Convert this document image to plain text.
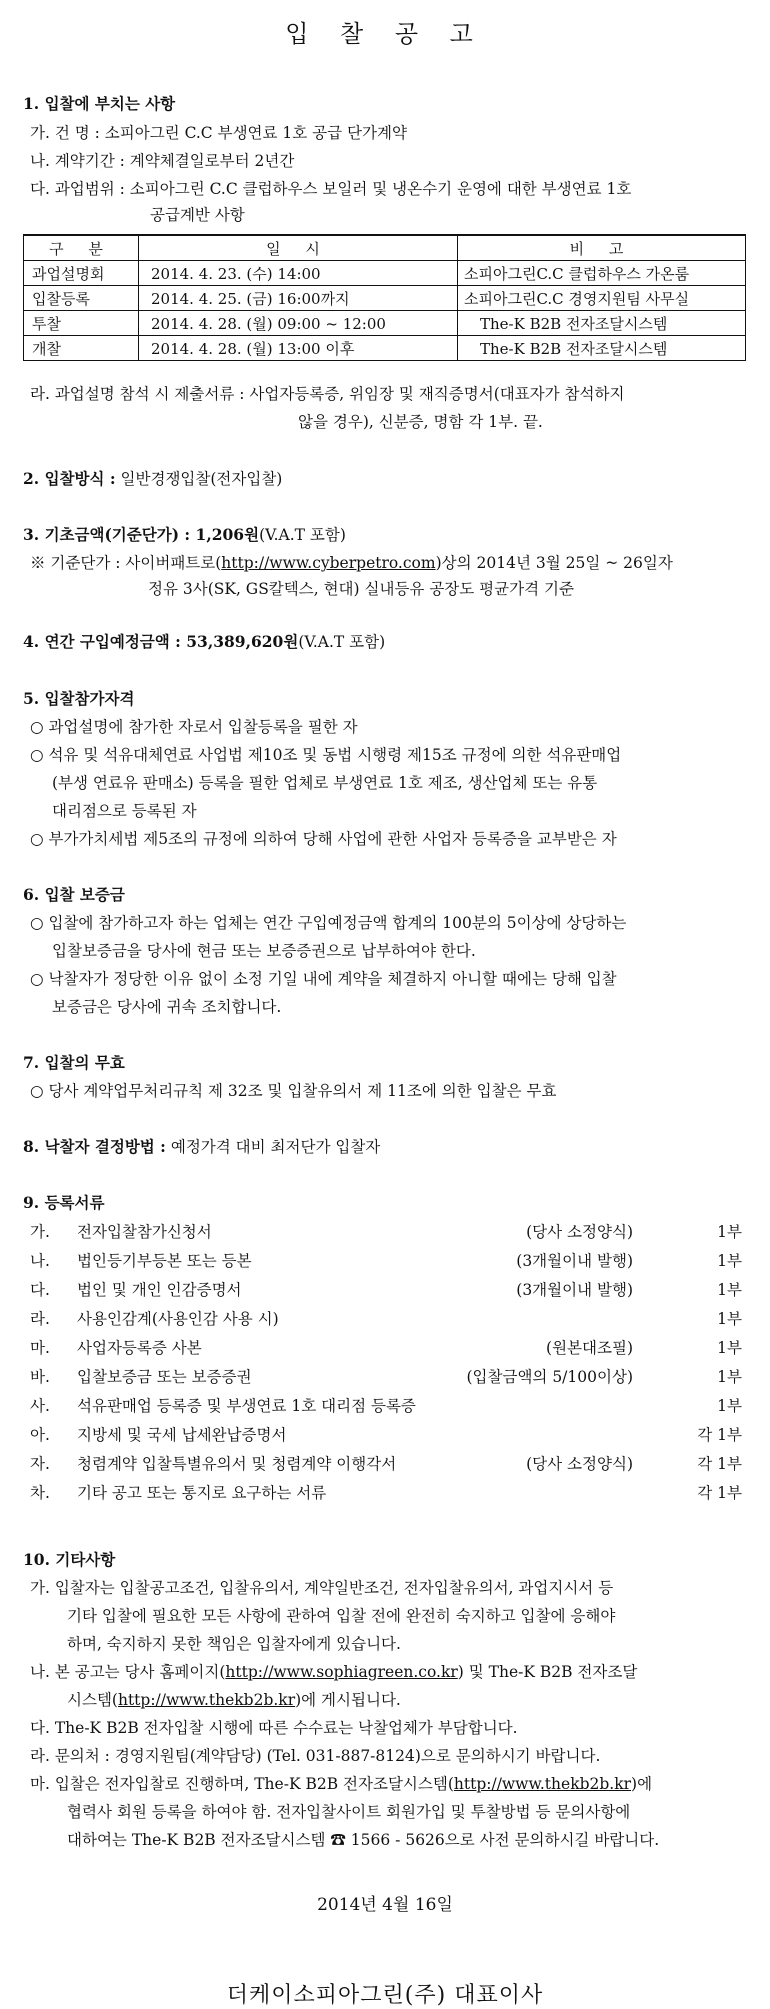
입 찰 공 고
1. 입찰에 부치는 사항
가. 건 명 : 소피아그린 C.C 부생연료 1호 공급 단가계약
나. 계약기간 : 계약체결일로부터 2년간
다. 과업범위 : 소피아그린 C.C 클럽하우스 보일러 및 냉온수기 운영에 대한 부생연료 1호
공급계반 사항
구 분	일 시	비 고
과업설명회	2014. 4. 23. (수) 14:00	소피아그린C.C 클럽하우스 가온룸
입찰등록	2014. 4. 25. (금) 16:00까지	소피아그린C.C 경영지원팀 사무실
투찰	2014. 4. 28. (월) 09:00 ~ 12:00	The-K B2B 전자조달시스템
개찰	2014. 4. 28. (월) 13:00 이후	The-K B2B 전자조달시스템
라. 과업설명 참석 시 제출서류 : 사업자등록증, 위임장 및 재직증명서(대표자가 참석하지
않을 경우), 신분증, 명함 각 1부. 끝.
2. 입찰방식 : 일반경쟁입찰(전자입찰)
3. 기초금액(기준단가) : 1,206원(V.A.T 포함)
※ 기준단가 : 사이버패트로(http://www.cyberpetro.com)상의 2014년 3월 25일 ~ 26일자
정유 3사(SK, GS칼텍스, 현대) 실내등유 공장도 평균가격 기준
4. 연간 구입예정금액 : 53,389,620원(V.A.T 포함)
5. 입찰참가자격
○ 과업설명에 참가한 자로서 입찰등록을 필한 자
○ 석유 및 석유대체연료 사업법 제10조 및 동법 시행령 제15조 규정에 의한 석유판매업
(부생 연료유 판매소) 등록을 필한 업체로 부생연료 1호 제조, 생산업체 또는 유통
대리점으로 등록된 자
○ 부가가치세법 제5조의 규정에 의하여 당해 사업에 관한 사업자 등록증을 교부받은 자
6. 입찰 보증금
○ 입찰에 참가하고자 하는 업체는 연간 구입예정금액 합계의 100분의 5이상에 상당하는
입찰보증금을 당사에 현금 또는 보증증권으로 납부하여야 한다.
○ 낙찰자가 정당한 이유 없이 소정 기일 내에 계약을 체결하지 아니할 때에는 당해 입찰
보증금은 당사에 귀속 조치합니다.
7. 입찰의 무효
○ 당사 계약업무처리규칙 제 32조 및 입찰유의서 제 11조에 의한 입찰은 무효
8. 낙찰자 결정방법 : 예정가격 대비 최저단가 입찰자
9. 등록서류
가. 전자입찰참가신청서	(당사 소정양식)	1부
나. 법인등기부등본 또는 등본	(3개월이내 발행)	1부
다. 법인 및 개인 인감증명서	(3개월이내 발행)	1부
라. 사용인감계(사용인감 사용 시)	1부
마. 사업자등록증 사본	(원본대조필)	1부
바. 입찰보증금 또는 보증증권	(입찰금액의 5/100이상)	1부
사. 석유판매업 등록증 및 부생연료 1호 대리점 등록증	1부
아. 지방세 및 국세 납세완납증명서	각 1부
자. 청렴계약 입찰특별유의서 및 청렴계약 이행각서	(당사 소정양식)	각 1부
차. 기타 공고 또는 통지로 요구하는 서류	각 1부
10. 기타사항
가. 입찰자는 입찰공고조건, 입찰유의서, 계약일반조건, 전자입찰유의서, 과업지시서 등
기타 입찰에 필요한 모든 사항에 관하여 입찰 전에 완전히 숙지하고 입찰에 응해야
하며, 숙지하지 못한 책임은 입찰자에게 있습니다.
나. 본 공고는 당사 홈페이지(http://www.sophiagreen.co.kr) 및 The-K B2B 전자조달
시스템(http://www.thekb2b.kr)에 게시됩니다.
다. The-K B2B 전자입찰 시행에 따른 수수료는 낙찰업체가 부담합니다.
라. 문의처 : 경영지원팀(계약담당) (Tel. 031-887-8124)으로 문의하시기 바랍니다.
마. 입찰은 전자입찰로 진행하며, The-K B2B 전자조달시스템(http://www.thekb2b.kr)에
협력사 회원 등록을 하여야 함. 전자입찰사이트 회원가입 및 투찰방법 등 문의사항에
대하여는 The-K B2B 전자조달시스템 ☎ 1566 - 5626으로 사전 문의하시길 바랍니다.
2014년 4월 16일
더케이소피아그린(주) 대표이사
